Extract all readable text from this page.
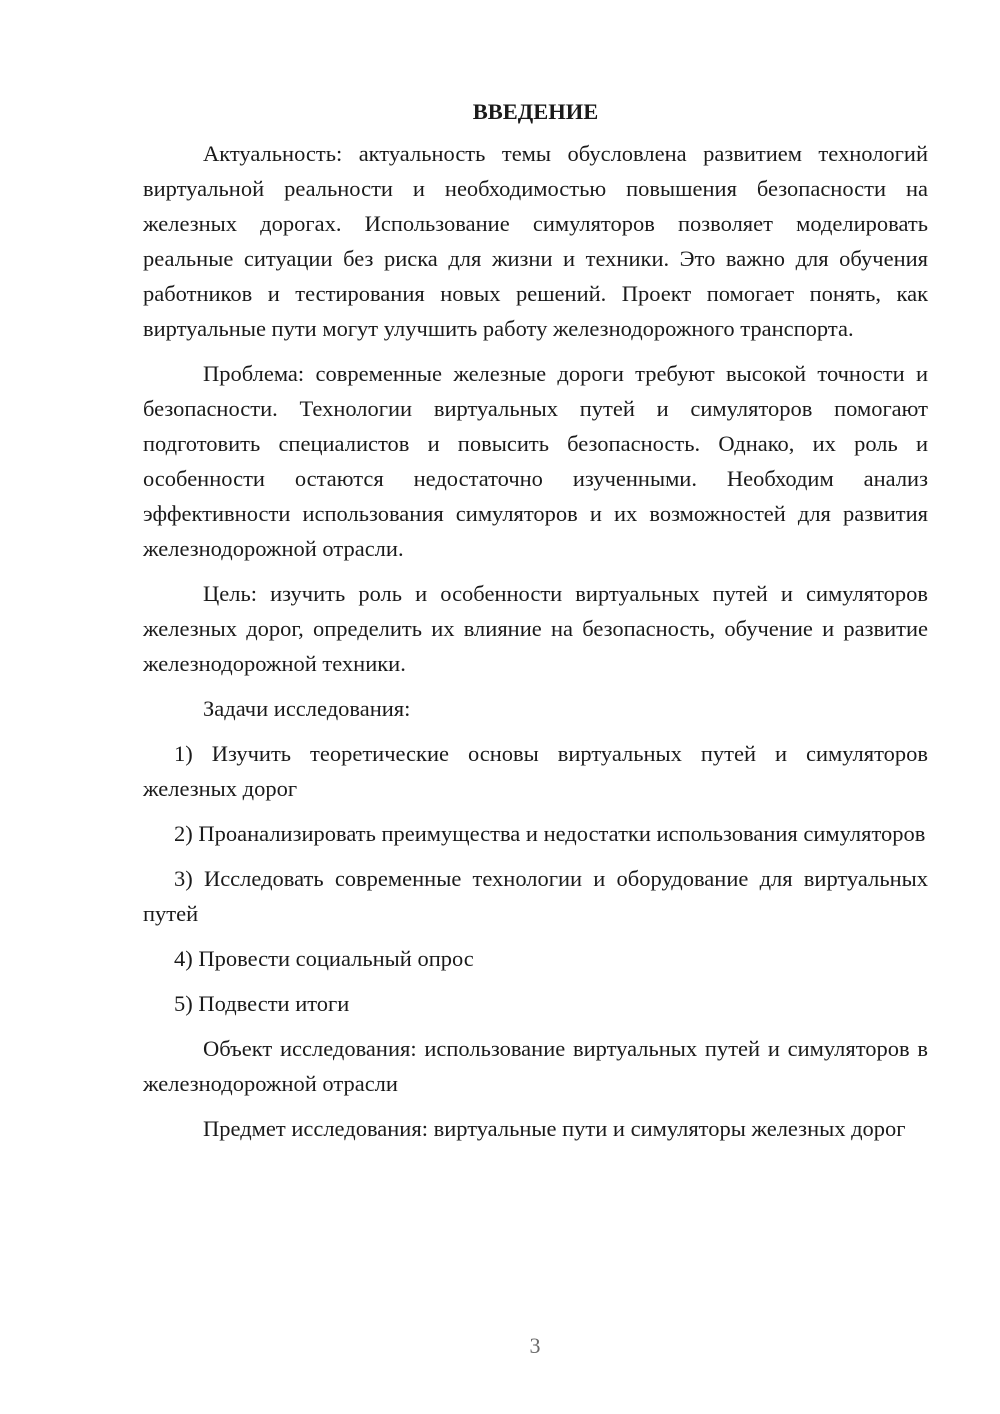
ВВЕДЕНИЕ

Актуальность: актуальность темы обусловлена развитием технологий виртуальной реальности и необходимостью повышения безопасности на железных дорогах. Использование симуляторов позволяет моделировать реальные ситуации без риска для жизни и техники. Это важно для обучения работников и тестирования новых решений. Проект помогает понять, как виртуальные пути могут улучшить работу железнодорожного транспорта.

Проблема: современные железные дороги требуют высокой точности и безопасности. Технологии виртуальных путей и симуляторов помогают подготовить специалистов и повысить безопасность. Однако, их роль и особенности остаются недостаточно изученными. Необходим анализ эффективности использования симуляторов и их возможностей для развития железнодорожной отрасли.

Цель: изучить роль и особенности виртуальных путей и симуляторов железных дорог, определить их влияние на безопасность, обучение и развитие железнодорожной техники.

Задачи исследования:

1) Изучить теоретические основы виртуальных путей и симуляторов железных дорог

2) Проанализировать преимущества и недостатки использования симуляторов

3) Исследовать современные технологии и оборудование для виртуальных путей

4) Провести социальный опрос

5) Подвести итоги

Объект исследования: использование виртуальных путей и симуляторов в железнодорожной отрасли

Предмет исследования: виртуальные пути и симуляторы железных дорог

3
